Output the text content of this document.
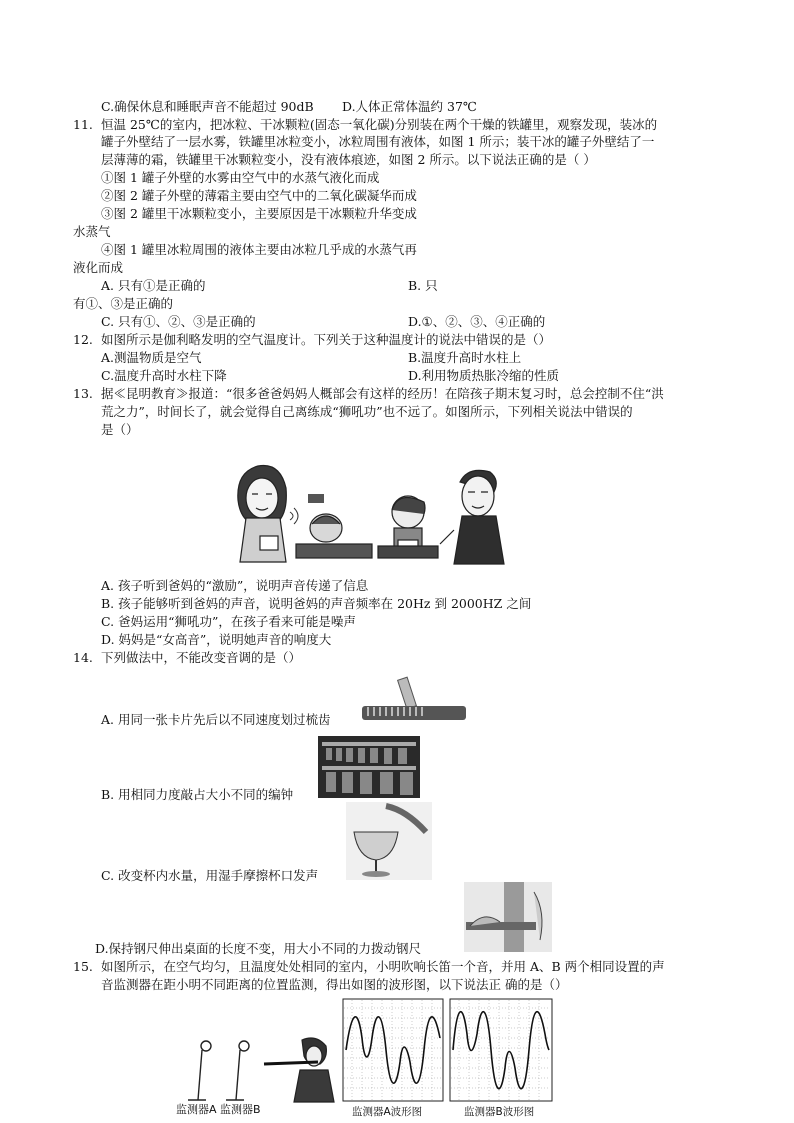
C.确保休息和睡眠声音不能超过 90dB D.人体正常体温约 37℃
11. 恒温 25℃的室内，把冰粒、干冰颗粒(固态一氧化碳)分别装在两个干燥的铁罐里，观察发现，装冰的
罐子外壁结了一层水雾，铁罐里冰粒变小，冰粒周围有液体，如图 1 所示；装干冰的罐子外壁结了一
层薄薄的霜，铁罐里干冰颗粒变小，没有液体痕迹，如图 2 所示。以下说法正确的是（ ）
①图 1 罐子外壁的水雾由空气中的水蒸气液化而成
②图 2 罐子外壁的薄霜主要由空气中的二氧化碳凝华而成
③图 2 罐里干冰颗粒变小，主要原因是干冰颗粒升华变成
水蒸气
④图 1 罐里冰粒周围的液体主要由冰粒几乎成的水蒸气再
液化而成
A. 只有①是正确的	B. 只
有①、③是正确的
C. 只有①、②、③是正确的	D.①、②、③、④正确的
12. 如图所示是伽利略发明的空气温度计。下列关于这种温度计的说法中错误的是（）
A.测温物质是空气	B.温度升高时水柱上
C.温度升高时水柱下降	D.利用物质热胀冷缩的性质
13. 据≪昆明教育≫报道：“很多爸爸妈妈人概部会有这样的经历！在陪孩子期末复习时，总会控制不住“洪
荒之力”，时间长了，就会觉得自己离练成“狮吼功”也不远了。如图所示，下列相关说法中错误的
是（）
A. 孩子听到爸妈的“激励”，说明声音传递了信息
B. 孩子能够听到爸妈的声音，说明爸妈的声音频率在 20Hz 到 2000HZ 之间
C. 爸妈运用“狮吼功”，在孩子看来可能是噪声
D. 妈妈是“女高音”，说明她声音的响度大
14. 下列做法中，不能改变音调的是（）
A. 用同一张卡片先后以不同速度划过梳齿
B. 用相同力度敲占大小不同的编钟
C. 改变杯内水量，用湿手摩擦杯口发声
D.保持钢尺伸出桌面的长度不变，用大小不同的力拨动钢尺
15. 如图所示，在空气均匀，且温度处处相同的室内，小明吹响长笛一个音，并用 A、B 两个相同设置的声
音监测器在距小明不同距离的位置监测，得出如图的波形图，以下说法正 确的是（）
监测器A 监测器B	监测器A波形图	监测器B波形图
